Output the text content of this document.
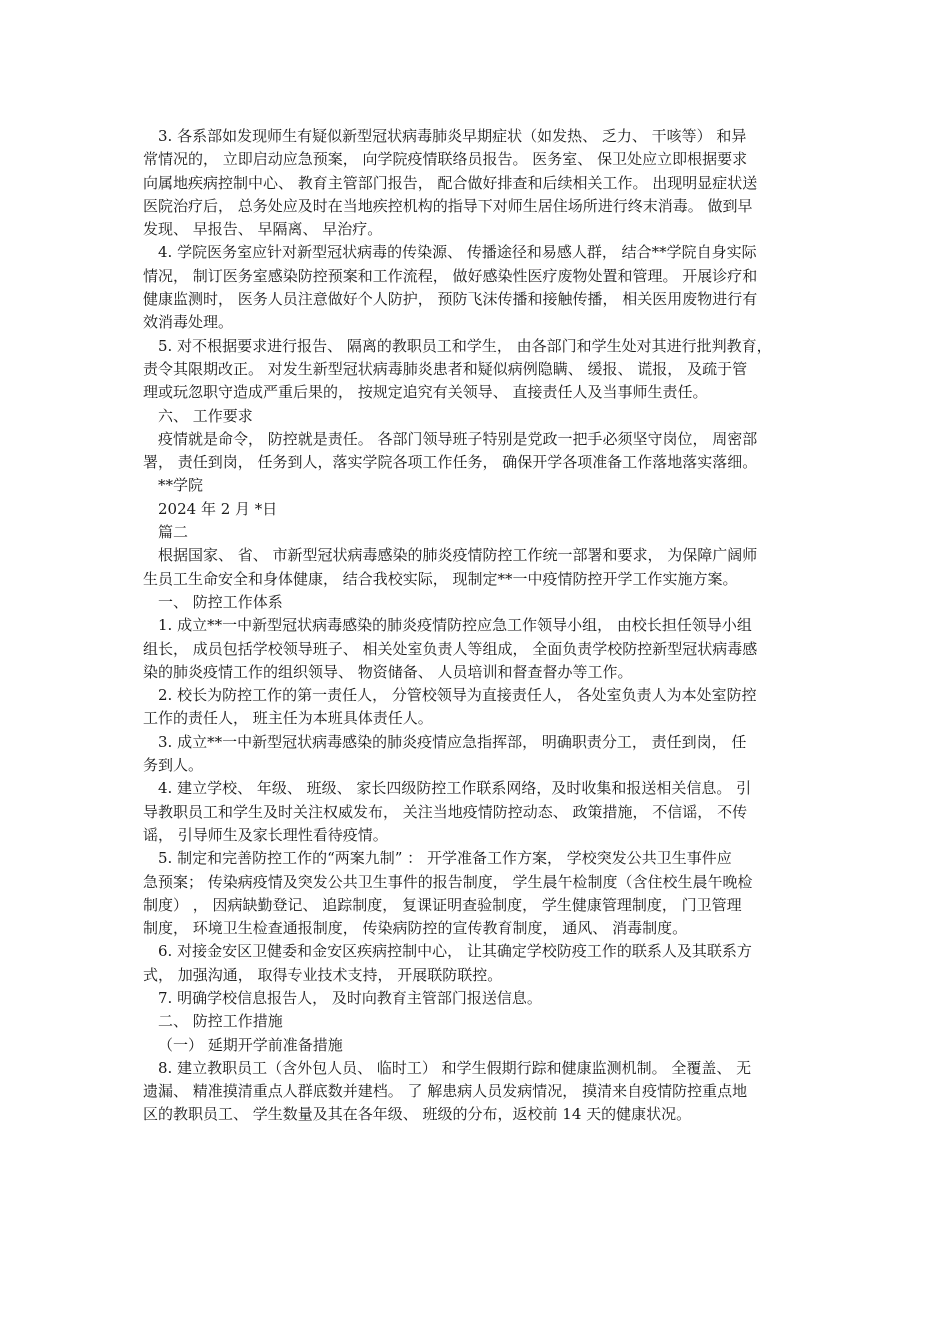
3. 各系部如发现师生有疑似新型冠状病毒肺炎早期症状（如发热、 乏力、 干咳等） 和异
常情况的， 立即启动应急预案， 向学院疫情联络员报告。 医务室、 保卫处应立即根据要求
向属地疾病控制中心、 教育主管部门报告， 配合做好排查和后续相关工作。 出现明显症状送
医院治疗后， 总务处应及时在当地疾控机构的指导下对师生居住场所进行终末消毒。 做到早
发现、 早报告、 早隔离、 早治疗。
4. 学院医务室应针对新型冠状病毒的传染源、 传播途径和易感人群， 结合**学院自身实际
情况， 制订医务室感染防控预案和工作流程， 做好感染性医疗废物处置和管理。 开展诊疗和
健康监测时， 医务人员注意做好个人防护， 预防飞沫传播和接触传播， 相关医用废物进行有
效消毒处理。
5. 对不根据要求进行报告、 隔离的教职员工和学生， 由各部门和学生处对其进行批判教育，
责令其限期改正。 对发生新型冠状病毒肺炎患者和疑似病例隐瞒、 缓报、 谎报， 及疏于管
理或玩忽职守造成严重后果的， 按规定追究有关领导、 直接责任人及当事师生责任。
六、 工作要求
疫情就是命令， 防控就是责任。 各部门领导班子特别是党政一把手必须坚守岗位， 周密部
署， 责任到岗， 任务到人，落实学院各项工作任务， 确保开学各项准备工作落地落实落细。
**学院
2024 年 2 月 *日
篇二
根据国家、 省、 市新型冠状病毒感染的肺炎疫情防控工作统一部署和要求， 为保障广阔师
生员工生命安全和身体健康， 结合我校实际， 现制定**一中疫情防控开学工作实施方案。
一、 防控工作体系
1. 成立**一中新型冠状病毒感染的肺炎疫情防控应急工作领导小组， 由校长担任领导小组
组长， 成员包括学校领导班子、 相关处室负责人等组成， 全面负责学校防控新型冠状病毒感
染的肺炎疫情工作的组织领导、 物资储备、 人员培训和督查督办等工作。
2. 校长为防控工作的第一责任人， 分管校领导为直接责任人， 各处室负责人为本处室防控
工作的责任人， 班主任为本班具体责任人。
3. 成立**一中新型冠状病毒感染的肺炎疫情应急指挥部， 明确职责分工， 责任到岗， 任
务到人。
4. 建立学校、 年级、 班级、 家长四级防控工作联系网络，及时收集和报送相关信息。 引
导教职员工和学生及时关注权威发布， 关注当地疫情防控动态、 政策措施， 不信谣， 不传
谣， 引导师生及家长理性看待疫情。
5. 制定和完善防控工作的“两案九制” ： 开学准备工作方案， 学校突发公共卫生事件应
急预案； 传染病疫情及突发公共卫生事件的报告制度， 学生晨午检制度（含住校生晨午晚检
制度） ， 因病缺勤登记、 追踪制度， 复课证明查验制度， 学生健康管理制度， 门卫管理
制度， 环境卫生检查通报制度， 传染病防控的宣传教育制度， 通风、 消毒制度。
6. 对接金安区卫健委和金安区疾病控制中心， 让其确定学校防疫工作的联系人及其联系方
式， 加强沟通， 取得专业技术支持， 开展联防联控。
7. 明确学校信息报告人， 及时向教育主管部门报送信息。
二、 防控工作措施
（一） 延期开学前准备措施
8. 建立教职员工（含外包人员、 临时工） 和学生假期行踪和健康监测机制。 全覆盖、 无
遗漏、 精准摸清重点人群底数并建档。 了 解患病人员发病情况， 摸清来自疫情防控重点地
区的教职员工、 学生数量及其在各年级、 班级的分布，返校前 14 天的健康状况。
